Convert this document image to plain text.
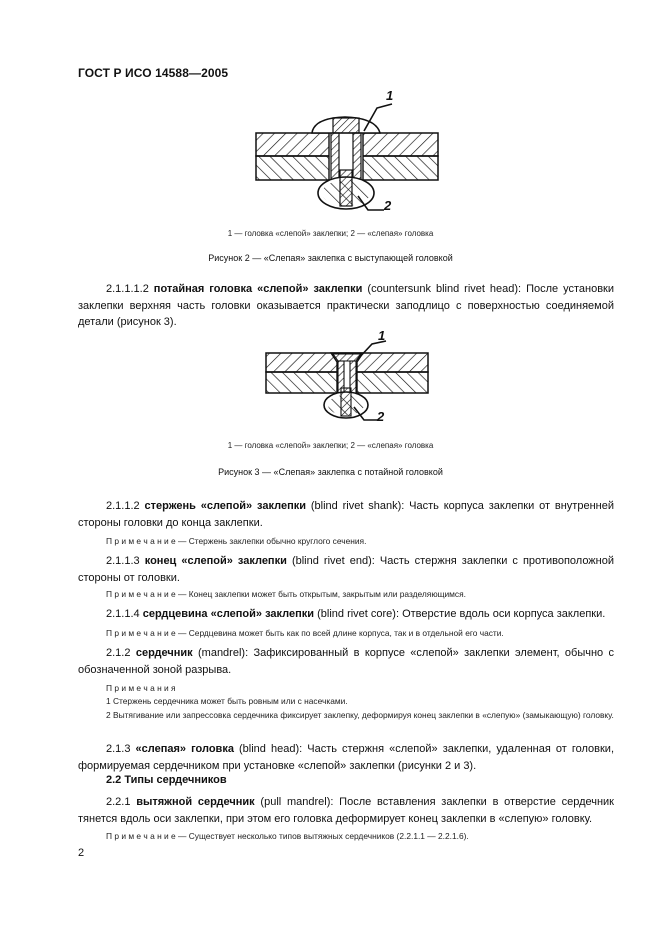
ГОСТ Р ИСО 14588—2005
1
2
1 — головка «слепой» заклепки; 2 — «слепая» головка
Рисунок 2 — «Слепая» заклепка с выступающей головкой
2.1.1.1.2 потайная головка «слепой» заклепки (countersunk blind rivet head): После установки заклепки верхняя часть головки оказывается практически заподлицо с поверхностью соединяемой детали (рисунок 3).
1
2
1 — головка «слепой» заклепки; 2 — «слепая» головка
Рисунок 3 — «Слепая» заклепка с потайной головкой
2.1.1.2 стержень «слепой» заклепки (blind rivet shank): Часть корпуса заклепки от внутренней стороны головки до конца заклепки.
П р и м е ч а н и е — Стержень заклепки обычно круглого сечения.
2.1.1.3 конец «слепой» заклепки (blind rivet end): Часть стержня заклепки с противоположной стороны от головки.
П р и м е ч а н и е — Конец заклепки может быть открытым, закрытым или разделяющимся.
2.1.1.4 сердцевина «слепой» заклепки (blind rivet core): Отверстие вдоль оси корпуса заклепки.
П р и м е ч а н и е — Сердцевина может быть как по всей длине корпуса, так и в отдельной его части.
2.1.2 сердечник (mandrel): Зафиксированный в корпусе «слепой» заклепки элемент, обычно с обозначенной зоной разрыва.
П р и м е ч а н и я
1 Стержень сердечника может быть ровным или с насечками.
2 Вытягивание или запрессовка сердечника фиксирует заклепку, деформируя конец заклепки в «слепую» (замыкающую) головку.
2.1.3 «слепая» головка (blind head): Часть стержня «слепой» заклепки, удаленная от головки, формируемая сердечником при установке «слепой» заклепки (рисунки 2 и 3).
2.2 Типы сердечников
2.2.1 вытяжной сердечник (pull mandrel): После вставления заклепки в отверстие сердечник тянется вдоль оси заклепки, при этом его головка деформирует конец заклепки в «слепую» головку.
П р и м е ч а н и е — Существует несколько типов вытяжных сердечников (2.2.1.1 — 2.2.1.6).
2
